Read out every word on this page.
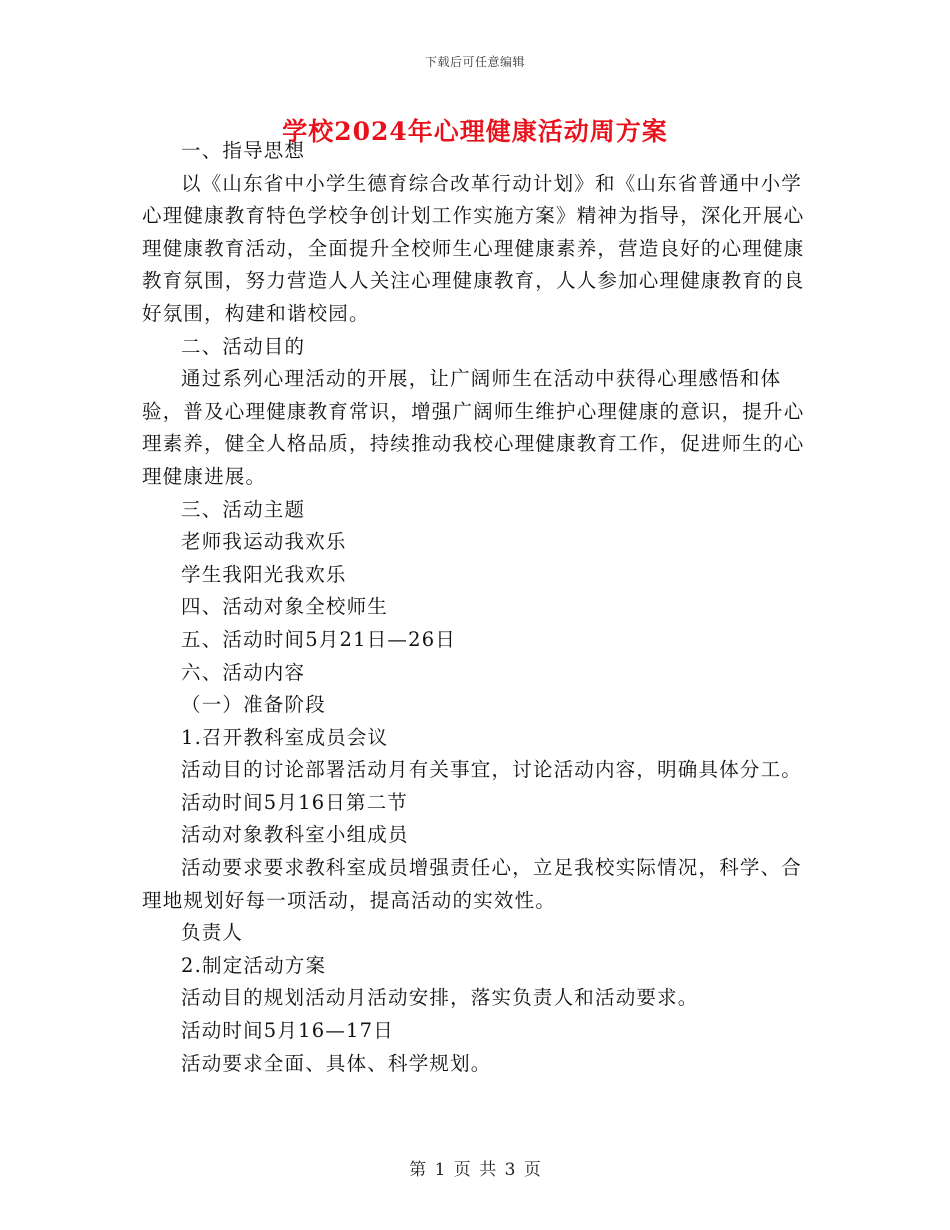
下载后可任意编辑
学校2024年心理健康活动周方案

一、指导思想

以《山东省中小学生德育综合改革行动计划》和《山东省普通中小学心理健康教育特色学校争创计划工作实施方案》精神为指导，深化开展心理健康教育活动，全面提升全校师生心理健康素养，营造良好的心理健康教育氛围，努力营造人人关注心理健康教育，人人参加心理健康教育的良好氛围，构建和谐校园。

二、活动目的

通过系列心理活动的开展，让广阔师生在活动中获得心理感悟和体验，普及心理健康教育常识，增强广阔师生维护心理健康的意识，提升心理素养，健全人格品质，持续推动我校心理健康教育工作，促进师生的心理健康进展。

三、活动主题

老师我运动我欢乐

学生我阳光我欢乐

四、活动对象全校师生

五、活动时间5月21日—26日

六、活动内容

（一）准备阶段

1.召开教科室成员会议

活动目的讨论部署活动月有关事宜，讨论活动内容，明确具体分工。

活动时间5月16日第二节

活动对象教科室小组成员

活动要求要求教科室成员增强责任心，立足我校实际情况，科学、合理地规划好每一项活动，提高活动的实效性。

负责人

2.制定活动方案

活动目的规划活动月活动安排，落实负责人和活动要求。

活动时间5月16—17日

活动要求全面、具体、科学规划。

第 1 页 共 3 页
